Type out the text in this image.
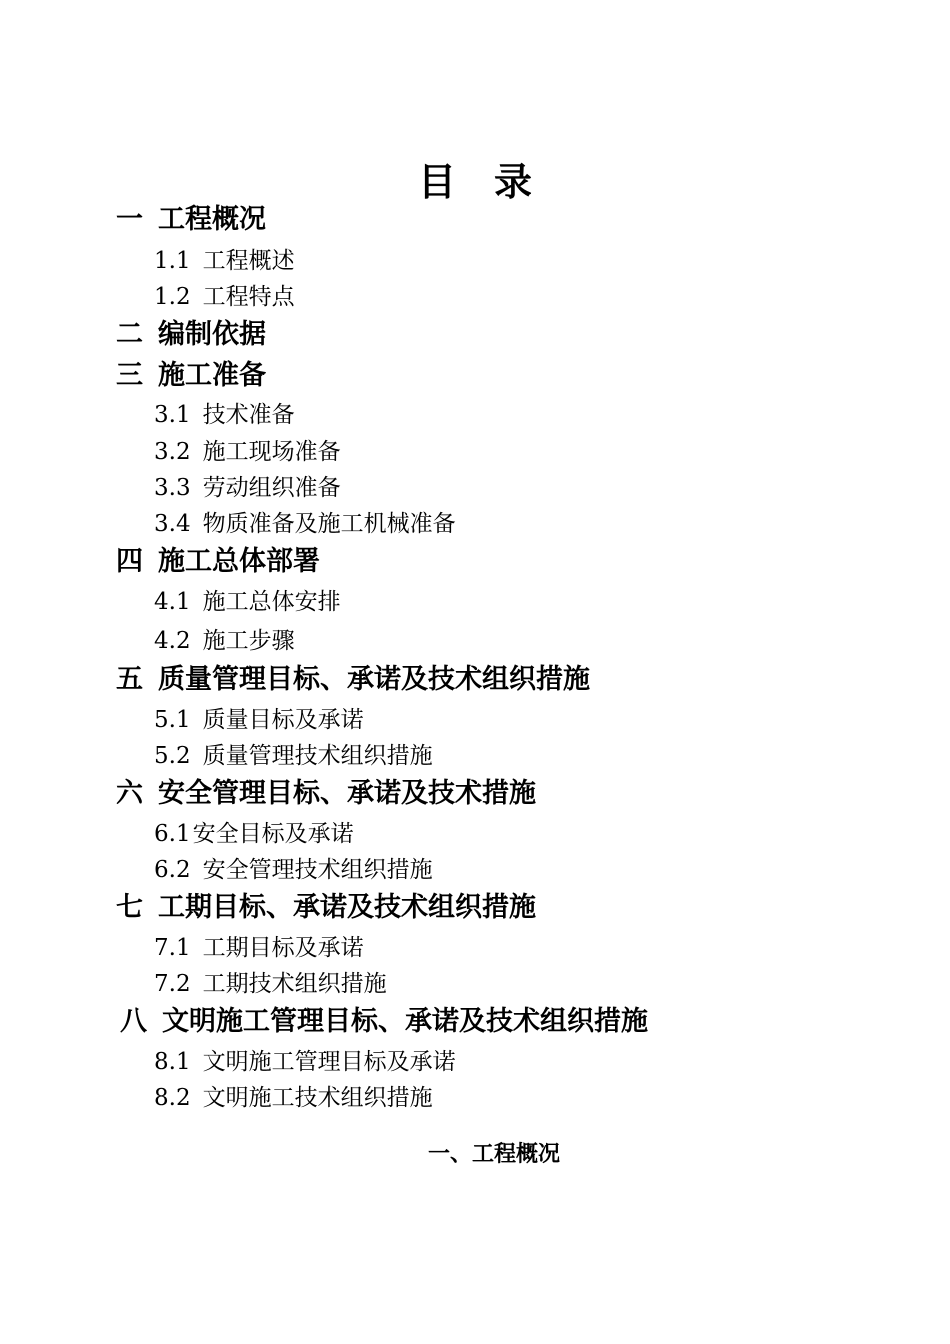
目 录
一 工程概况
1.1 工程概述
1.2 工程特点
二 编制依据
三 施工准备
3.1 技术准备
3.2 施工现场准备
3.3 劳动组织准备
3.4 物质准备及施工机械准备
四 施工总体部署
4.1 施工总体安排
4.2 施工步骤
五 质量管理目标、承诺及技术组织措施
5.1 质量目标及承诺
5.2 质量管理技术组织措施
六 安全管理目标、承诺及技术措施
6.1安全目标及承诺
6.2 安全管理技术组织措施
七 工期目标、承诺及技术组织措施
7.1 工期目标及承诺
7.2 工期技术组织措施
八 文明施工管理目标、承诺及技术组织措施
8.1 文明施工管理目标及承诺
8.2 文明施工技术组织措施
一、工程概况
